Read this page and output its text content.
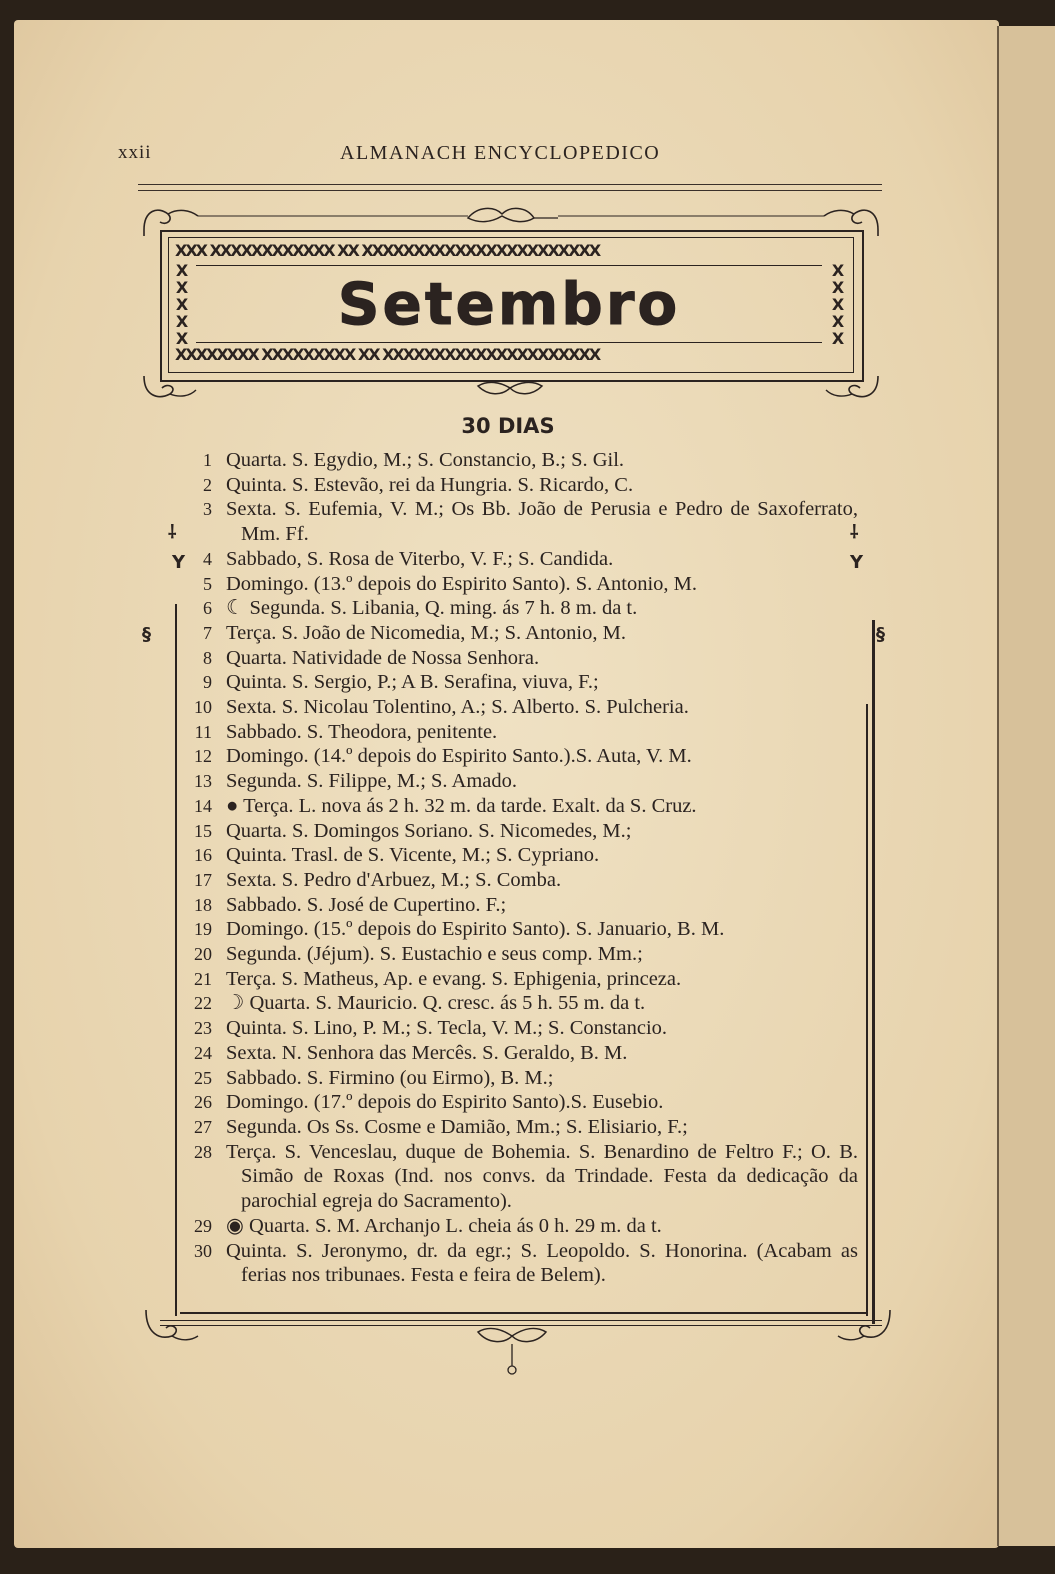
xxii	ALMANACH ENCYCLOPEDICO
XXX XXXXXXXXXXXX XX XXXXXXXXXXXXXXXXXXXXXXX
XXXXXXXX XXXXXXXXX XX XXXXXXXXXXXXXXXXXXXXX
X
X
X
X
X
X
X
X
X
X
Setembro
30 DIAS
⸸
Y
⸸
Y
§	§
1 Quarta. S. Egydio, M.; S. Constancio, B.; S. Gil.
2 Quinta. S. Estevão, rei da Hungria. S. Ricardo, C.
3 Sexta. S. Eufemia, V. M.; Os Bb. João de Perusia e Pedro de Saxoferrato, Mm. Ff.
4 Sabbado, S. Rosa de Viterbo, V. F.; S. Candida.
5 Domingo. (13.º depois do Espirito Santo). S. Antonio, M.
6 ☾ Segunda. S. Libania, Q. ming. ás 7 h. 8 m. da t.
7 Terça. S. João de Nicomedia, M.; S. Antonio, M.
8 Quarta. Natividade de Nossa Senhora.
9 Quinta. S. Sergio, P.; A B. Serafina, viuva, F.;
10 Sexta. S. Nicolau Tolentino, A.; S. Alberto. S. Pulcheria.
11 Sabbado. S. Theodora, penitente.
12 Domingo. (14.º depois do Espirito Santo.).S. Auta, V. M.
13 Segunda. S. Filippe, M.; S. Amado.
14 ● Terça. L. nova ás 2 h. 32 m. da tarde. Exalt. da S. Cruz.
15 Quarta. S. Domingos Soriano. S. Nicomedes, M.;
16 Quinta. Trasl. de S. Vicente, M.; S. Cypriano.
17 Sexta. S. Pedro d'Arbuez, M.; S. Comba.
18 Sabbado. S. José de Cupertino. F.;
19 Domingo. (15.º depois do Espirito Santo). S. Januario, B. M.
20 Segunda. (Jéjum). S. Eustachio e seus comp. Mm.;
21 Terça. S. Matheus, Ap. e evang. S. Ephigenia, princeza.
22 ☽ Quarta. S. Mauricio. Q. cresc. ás 5 h. 55 m. da t.
23 Quinta. S. Lino, P. M.; S. Tecla, V. M.; S. Constancio.
24 Sexta. N. Senhora das Mercês. S. Geraldo, B. M.
25 Sabbado. S. Firmino (ou Eirmo), B. M.;
26 Domingo. (17.º depois do Espirito Santo).S. Eusebio.
27 Segunda. Os Ss. Cosme e Damião, Mm.; S. Elisiario, F.;
28 Terça. S. Venceslau, duque de Bohemia. S. Benardino de Feltro F.; O. B. Simão de Roxas (Ind. nos convs. da Trindade. Festa da dedicação da parochial egreja do Sacramento).
29 ◉ Quarta. S. M. Archanjo L. cheia ás 0 h. 29 m. da t.
30 Quinta. S. Jeronymo, dr. da egr.; S. Leopoldo. S. Honorina. (Acabam as ferias nos tribunaes. Festa e feira de Belem).
